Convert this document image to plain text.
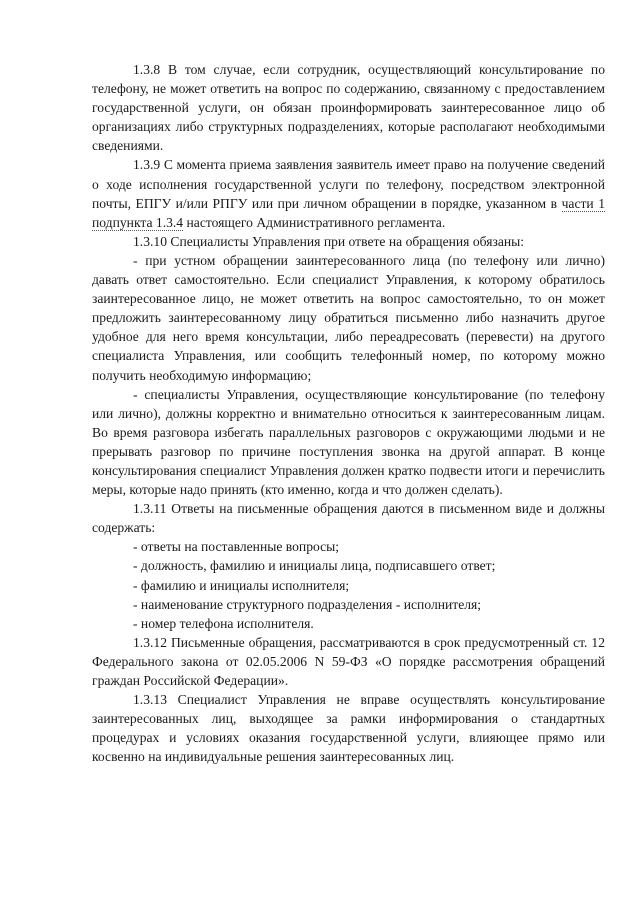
1.3.8 В том случае, если сотрудник, осуществляющий консультирование по телефону, не может ответить на вопрос по содержанию, связанному с предоставлением государственной услуги, он обязан проинформировать заинтересованное лицо об организациях либо структурных подразделениях, которые располагают необходимыми сведениями.

1.3.9 С момента приема заявления заявитель имеет право на получение сведений о ходе исполнения государственной услуги по телефону, посредством электронной почты, ЕПГУ и/или РПГУ или при личном обращении в порядке, указанном в части 1 подпункта 1.3.4 настоящего Административного регламента.

1.3.10 Специалисты Управления при ответе на обращения обязаны:

- при устном обращении заинтересованного лица (по телефону или лично) давать ответ самостоятельно. Если специалист Управления, к которому обратилось заинтересованное лицо, не может ответить на вопрос самостоятельно, то он может предложить заинтересованному лицу обратиться письменно либо назначить другое удобное для него время консультации, либо переадресовать (перевести) на другого специалиста Управления, или сообщить телефонный номер, по которому можно получить необходимую информацию;

- специалисты Управления, осуществляющие консультирование (по телефону или лично), должны корректно и внимательно относиться к заинтересованным лицам. Во время разговора избегать параллельных разговоров с окружающими людьми и не прерывать разговор по причине поступления звонка на другой аппарат. В конце консультирования специалист Управления должен кратко подвести итоги и перечислить меры, которые надо принять (кто именно, когда и что должен сделать).

1.3.11 Ответы на письменные обращения даются в письменном виде и должны содержать:

- ответы на поставленные вопросы;

- должность, фамилию и инициалы лица, подписавшего ответ;

- фамилию и инициалы исполнителя;

- наименование структурного подразделения - исполнителя;

- номер телефона исполнителя.

1.3.12 Письменные обращения, рассматриваются в срок предусмотренный ст. 12 Федерального закона от 02.05.2006 N 59-ФЗ «О порядке рассмотрения обращений граждан Российской Федерации».

1.3.13 Специалист Управления не вправе осуществлять консультирование заинтересованных лиц, выходящее за рамки информирования о стандартных процедурах и условиях оказания государственной услуги, влияющее прямо или косвенно на индивидуальные решения заинтересованных лиц.
